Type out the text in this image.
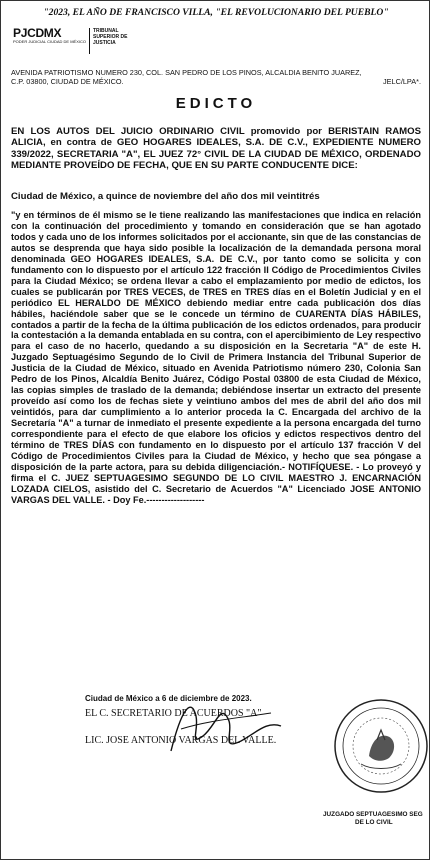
"2023, EL AÑO DE FRANCISCO VILLA, "EL REVOLUCIONARIO DEL PUEBLO"
PJCDMX
PODER JUDICIAL CIUDAD DE MÉXICO
TRIBUNAL
SUPERIOR DE
JUSTICIA
AVENIDA PATRIOTISMO NUMERO 230, COL. SAN PEDRO DE LOS PINOS, ALCALDIA BENITO JUAREZ,
C.P. 03800, CIUDAD DE MÉXICO.	JELC/LPA*.
EDICTO
EN LOS AUTOS DEL JUICIO ORDINARIO CIVIL promovido por BERISTAIN RAMOS ALICIA, en contra de GEO HOGARES IDEALES, S.A. DE C.V., EXPEDIENTE NUMERO 339/2022, SECRETARIA "A", EL JUEZ 72° CIVIL DE LA CIUDAD DE MÉXICO, ORDENADO MEDIANTE PROVEÍDO DE FECHA, QUE EN SU PARTE CONDUCENTE DICE:
Ciudad de México, a quince de noviembre del año dos mil veintitrés
"y en términos de él mismo se le tiene realizando las manifestaciones que indica en relación con la continuación del procedimiento y tomando en consideración que se han agotado todos y cada uno de los informes solicitados por el accionante, sin que de las constancias de autos se desprenda que haya sido posible la localización de la demandada persona moral denominada GEO HOGARES IDEALES, S.A. DE C.V., por tanto como se solicita y con fundamento con lo dispuesto por el artículo 122 fracción II Código de Procedimientos Civiles para la Ciudad México; se ordena llevar a cabo el emplazamiento por medio de edictos, los cuales se publicarán por TRES VECES, de TRES en TRES días en el Boletín Judicial y en el periódico EL HERALDO DE MÉXICO debiendo mediar entre cada publicación dos días hábiles, haciéndole saber que se le concede un término de CUARENTA DÍAS HÁBILES, contados a partir de la fecha de la última publicación de los edictos ordenados, para producir la contestación a la demanda entablada en su contra, con el apercibimiento de Ley respectivo para el caso de no hacerlo, quedando a su disposición en la Secretaria "A" de este H. Juzgado Septuagésimo Segundo de lo Civil de Primera Instancia del Tribunal Superior de Justicia de la Ciudad de México, situado en Avenida Patriotismo número 230, Colonia San Pedro de los Pinos, Alcaldía Benito Juárez, Código Postal 03800 de esta Ciudad de México, las copias simples de traslado de la demanda; debiéndose insertar un extracto del presente proveído así como los de fechas siete y veintiuno ambos del mes de abril del año dos mil veintidós, para dar cumplimiento a lo anterior proceda la C. Encargada del archivo de la Secretaría "A" a turnar de inmediato el presente expediente a la persona encargada del turno correspondiente para el efecto de que elabore los oficios y edictos respectivos dentro del término de TRES DÍAS con fundamento en lo dispuesto por el artículo 137 fracción V del Código de Procedimientos Civiles para la Ciudad de México, y hecho que sea póngase a disposición de la parte actora, para su debida diligenciación.- NOTIFÍQUESE. - Lo proveyó y firma el C. JUEZ SEPTUAGESIMO SEGUNDO DE LO CIVIL MAESTRO J. ENCARNACIÓN LOZADA CIELOS, asistido del C. Secretario de Acuerdos "A" Licenciado JOSE ANTONIO VARGAS DEL VALLE. - Doy Fe.-------------------
Ciudad de México a 6 de diciembre de 2023.
EL C. SECRETARIO DE ACUERDOS "A"
LIC. JOSE ANTONIO VARGAS DEL VALLE.
JUZGADO SEPTUAGESIMO SEG
DE LO CIVIL
